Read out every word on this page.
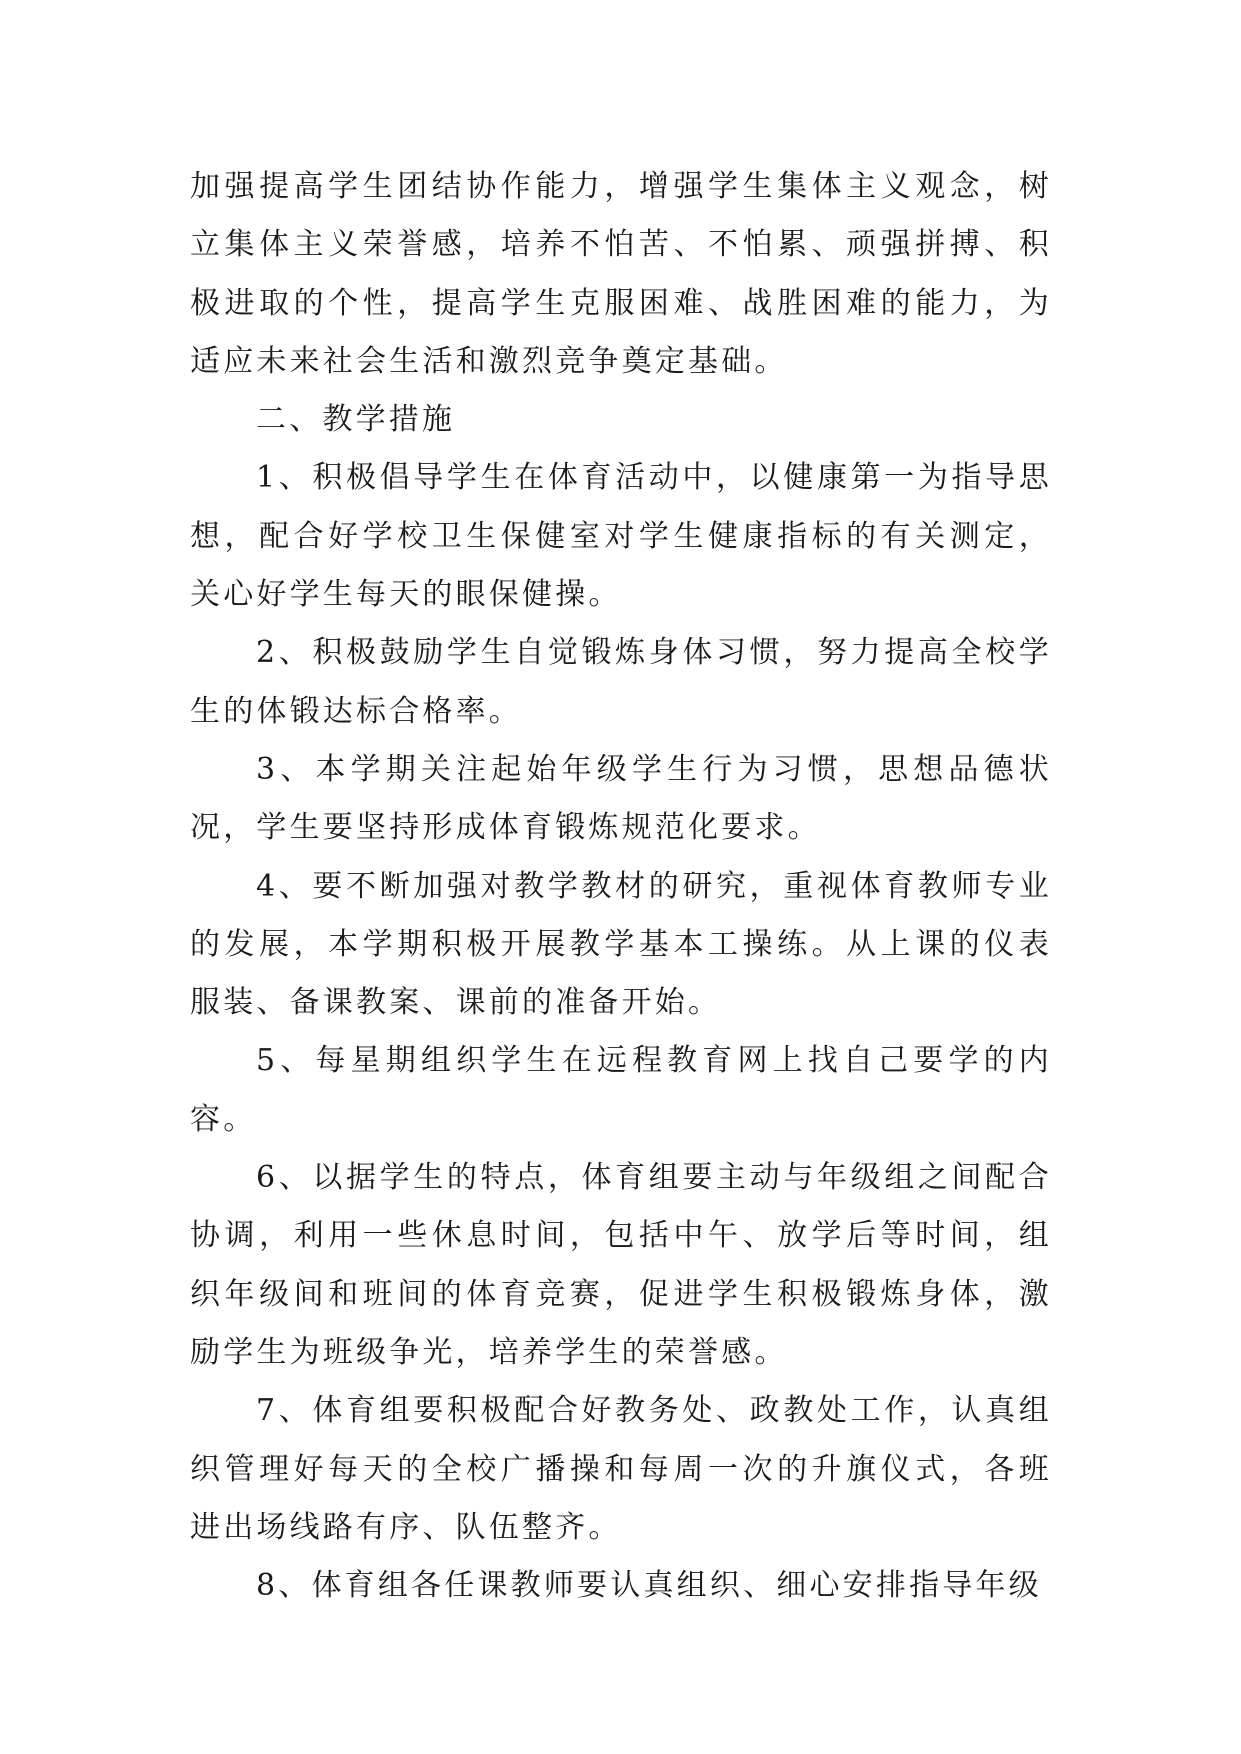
加强提高学生团结协作能力，增强学生集体主义观念，树立集体主义荣誉感，培养不怕苦、不怕累、顽强拼搏、积极进取的个性，提高学生克服困难、战胜困难的能力，为适应未来社会生活和激烈竞争奠定基础。

二、教学措施

1、积极倡导学生在体育活动中，以健康第一为指导思想，配合好学校卫生保健室对学生健康指标的有关测定，关心好学生每天的眼保健操。

2、积极鼓励学生自觉锻炼身体习惯，努力提高全校学生的体锻达标合格率。

3、本学期关注起始年级学生行为习惯，思想品德状况，学生要坚持形成体育锻炼规范化要求。

4、要不断加强对教学教材的研究，重视体育教师专业的发展，本学期积极开展教学基本工操练。从上课的仪表服装、备课教案、课前的准备开始。

5、每星期组织学生在远程教育网上找自己要学的内容。

6、以据学生的特点，体育组要主动与年级组之间配合协调，利用一些休息时间，包括中午、放学后等时间，组织年级间和班间的体育竞赛，促进学生积极锻炼身体，激励学生为班级争光，培养学生的荣誉感。

7、体育组要积极配合好教务处、政教处工作，认真组织管理好每天的全校广播操和每周一次的升旗仪式，各班进出场线路有序、队伍整齐。

8、体育组各任课教师要认真组织、细心安排指导年级
